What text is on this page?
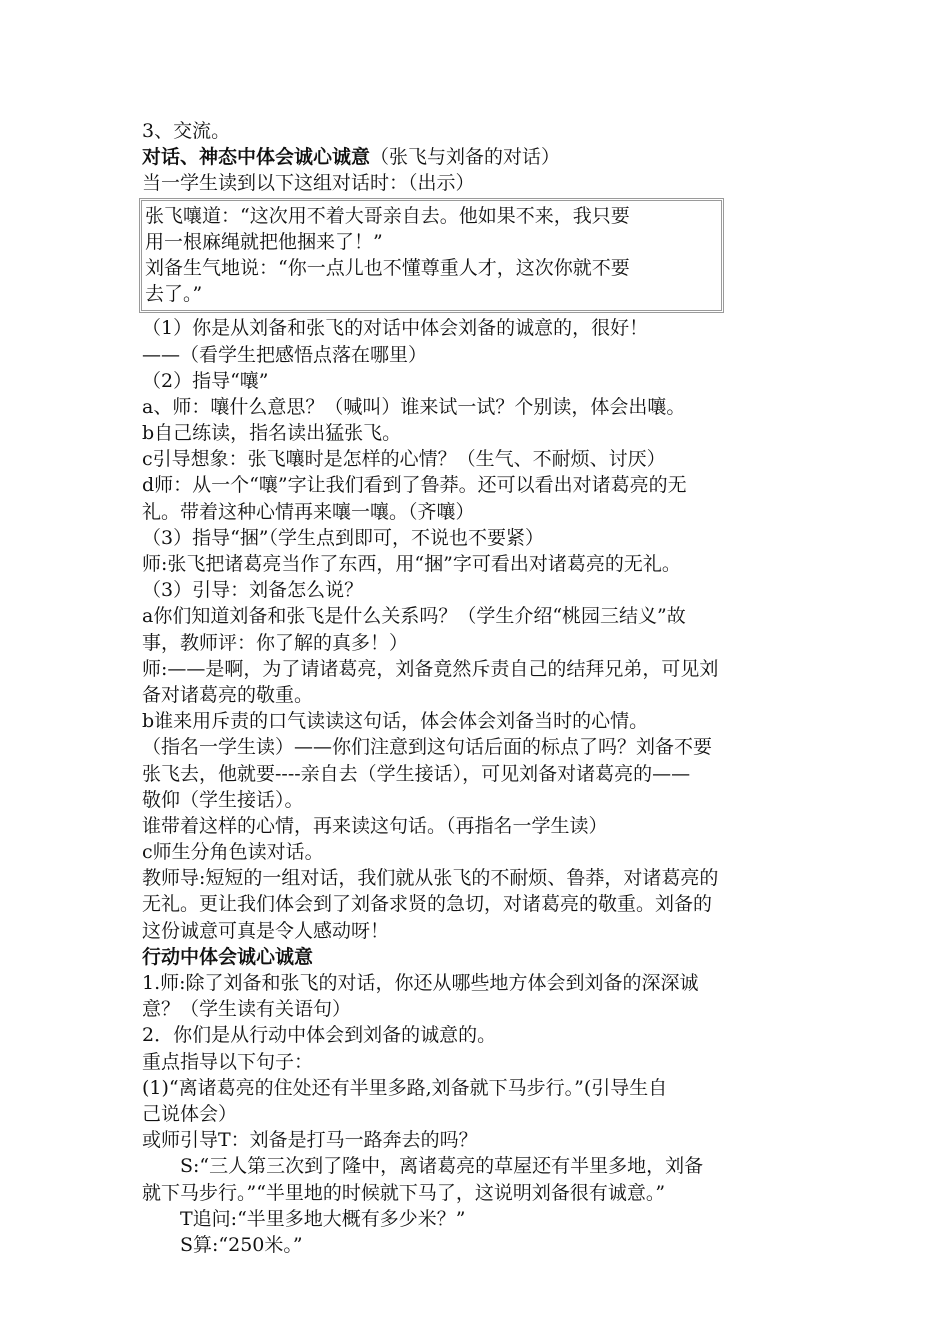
3、交流。
对话、神态中体会诚心诚意（张飞与刘备的对话）
当一学生读到以下这组对话时：（出示）
张飞嚷道：“这次用不着大哥亲自去。他如果不来，我只要
用一根麻绳就把他捆来了！”
刘备生气地说：“你一点儿也不懂尊重人才，这次你就不要
去了。”
（1）你是从刘备和张飞的对话中体会刘备的诚意的，很好！
——（看学生把感悟点落在哪里）
（2）指导“嚷”
a、师：嚷什么意思？（喊叫）谁来试一试？个别读，体会出嚷。
b自己练读，指名读出猛张飞。
c引导想象：张飞嚷时是怎样的心情？（生气、不耐烦、讨厌）
d师：从一个“嚷”字让我们看到了鲁莽。还可以看出对诸葛亮的无
礼。带着这种心情再来嚷一嚷。（齐嚷）
（3）指导“捆”（学生点到即可，不说也不要紧）
师:张飞把诸葛亮当作了东西，用“捆”字可看出对诸葛亮的无礼。
（3）引导：刘备怎么说？
a你们知道刘备和张飞是什么关系吗？（学生介绍“桃园三结义”故
事，教师评：你了解的真多！）
师:——是啊，为了请诸葛亮，刘备竟然斥责自己的结拜兄弟，可见刘
备对诸葛亮的敬重。
b谁来用斥责的口气读读这句话，体会体会刘备当时的心情。
（指名一学生读）——你们注意到这句话后面的标点了吗？刘备不要
张飞去，他就要----亲自去（学生接话），可见刘备对诸葛亮的——
敬仰（学生接话）。
谁带着这样的心情，再来读这句话。（再指名一学生读）
c师生分角色读对话。
教师导:短短的一组对话，我们就从张飞的不耐烦、鲁莽，对诸葛亮的
无礼。更让我们体会到了刘备求贤的急切，对诸葛亮的敬重。刘备的
这份诚意可真是令人感动呀！
行动中体会诚心诚意
1.师:除了刘备和张飞的对话，你还从哪些地方体会到刘备的深深诚
意？（学生读有关语句）
2．你们是从行动中体会到刘备的诚意的。
重点指导以下句子：
(1)“离诸葛亮的住处还有半里多路,刘备就下马步行。”(引导生自
己说体会）
或师引导T：刘备是打马一路奔去的吗？
S:“三人第三次到了隆中，离诸葛亮的草屋还有半里多地，刘备
就下马步行。”“半里地的时候就下马了，这说明刘备很有诚意。”
T追问:“半里多地大概有多少米？”
S算:“250米。”
